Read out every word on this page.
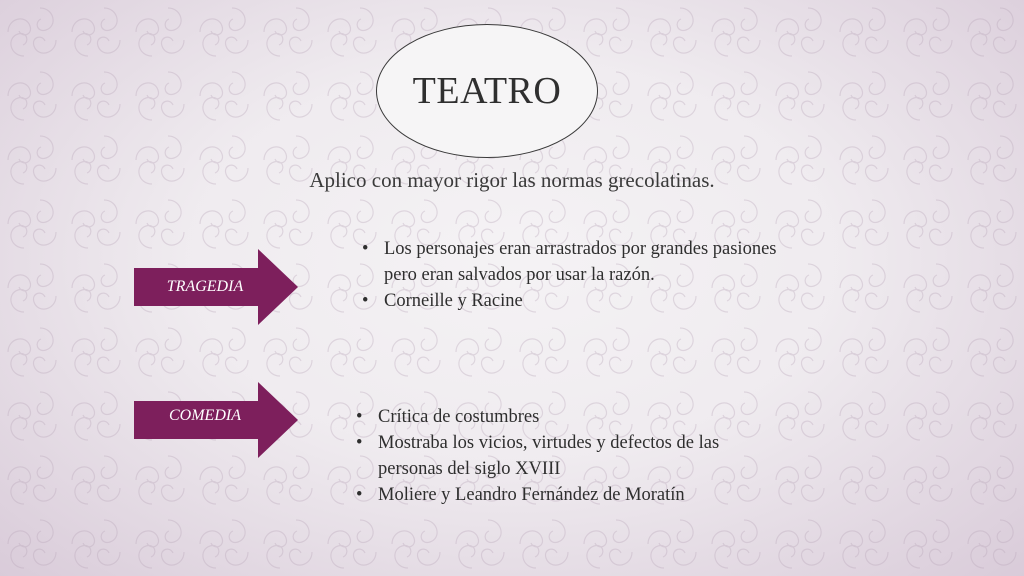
TEATRO
Aplico con mayor rigor las normas grecolatinas.
TRAGEDIA
• Los personajes eran arrastrados por grandes pasiones pero eran salvados por usar la razón.
• Corneille y Racine
COMEDIA	• Crítica de costumbres
• Mostraba los vicios, virtudes y defectos de las personas del siglo XVIII
• Moliere y Leandro Fernández de Moratín
